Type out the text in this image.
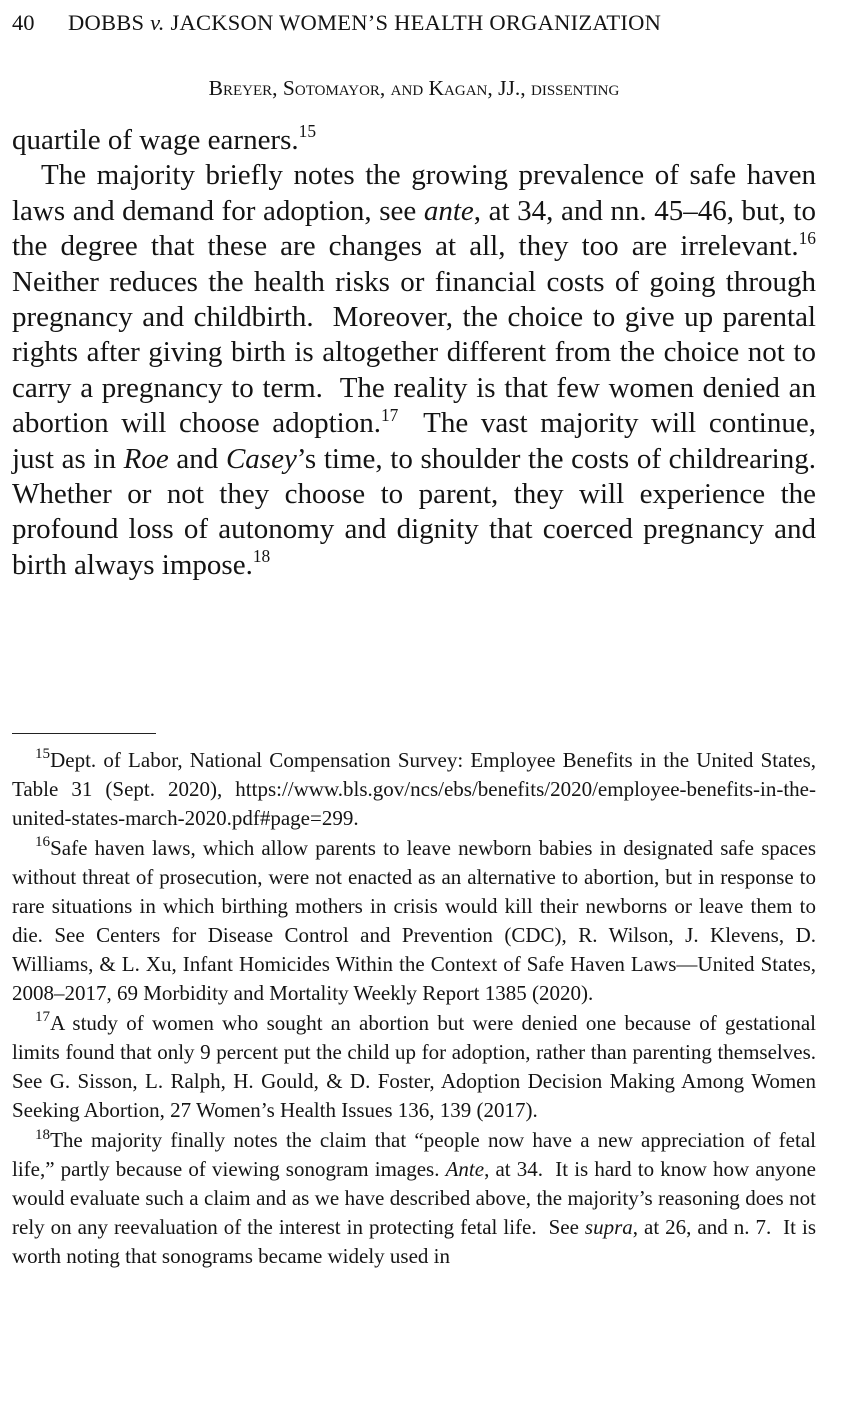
40 DOBBS v. JACKSON WOMEN’S HEALTH ORGANIZATION
Breyer, Sotomayor, and Kagan, JJ., dissenting

quartile of wage earners.$^{15}$

The majority briefly notes the growing prevalence of safe haven laws and demand for adoption, see ante, at 34, and nn. 45–46, but, to the degree that these are changes at all, they too are irrelevant.$^{16}$  Neither reduces the health risks or financial costs of going through pregnancy and childbirth.  Moreover, the choice to give up parental rights after giving birth is altogether different from the choice not to carry a pregnancy to term.  The reality is that few women denied an abortion will choose adoption.$^{17}$  The vast majority will continue, just as in Roe and Casey’s time, to shoulder the costs of childrearing.  Whether or not they choose to parent, they will experience the profound loss of autonomy and dignity that coerced pregnancy and birth always impose.$^{18}$

$^{15}$Dept. of Labor, National Compensation Survey: Employee Benefits in the United States, Table 31 (Sept. 2020), https://www.bls.gov/ncs/ebs/benefits/2020/employee-benefits-in-the-united-states-march-2020.pdf#page=299.

$^{16}$Safe haven laws, which allow parents to leave newborn babies in designated safe spaces without threat of prosecution, were not enacted as an alternative to abortion, but in response to rare situations in which birthing mothers in crisis would kill their newborns or leave them to die. See Centers for Disease Control and Prevention (CDC), R. Wilson, J. Klevens, D. Williams, & L. Xu, Infant Homicides Within the Context of Safe Haven Laws—United States, 2008–2017, 69 Morbidity and Mortality Weekly Report 1385 (2020).

$^{17}$A study of women who sought an abortion but were denied one because of gestational limits found that only 9 percent put the child up for adoption, rather than parenting themselves.  See G. Sisson, L. Ralph, H. Gould, & D. Foster, Adoption Decision Making Among Women Seeking Abortion, 27 Women’s Health Issues 136, 139 (2017).

$^{18}$The majority finally notes the claim that “people now have a new appreciation of fetal life,” partly because of viewing sonogram images. Ante, at 34.  It is hard to know how anyone would evaluate such a claim and as we have described above, the majority’s reasoning does not rely on any reevaluation of the interest in protecting fetal life.  See supra, at 26, and n. 7.  It is worth noting that sonograms became widely used in
